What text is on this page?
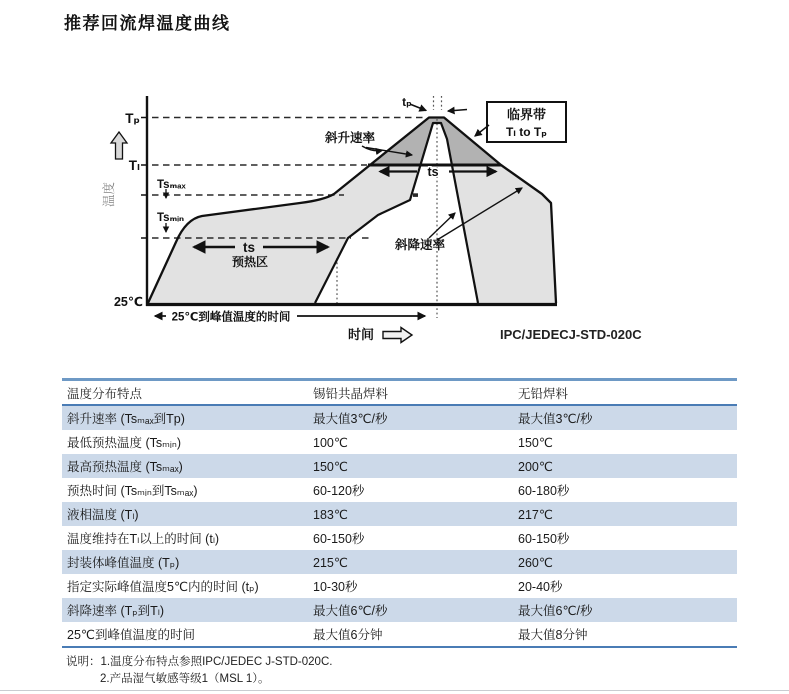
推荐回流焊温度曲线
Tₚ
Tₗ
Tsₘₐₓ
Tsₘᵢₙ
25℃
温度
斜升速率
斜降速率
临界带
Tₗ to Tₚ
tₚ
ts
ts
预热区
25℃到峰值温度的时间
时间	IPC/JEDECJ-STD-020C
温度分布特点	锡铅共晶焊料	无铅焊料
斜升速率 (Tsₘₐₓ到Tp)	最大值3℃/秒	最大值3℃/秒
最低预热温度 (Tsₘᵢₙ)	100℃	150℃
最高预热温度 (Tsₘₐₓ)	150℃	200℃
预热时间 (Tsₘᵢₙ到Tsₘₐₓ)	60-120秒	60-180秒
液相温度 (Tₗ)	183℃	217℃
温度维持在Tₗ以上的时间 (tₗ)	60-150秒	60-150秒
封装体峰值温度 (Tₚ)	215℃	260℃
指定实际峰值温度5℃内的时间 (tₚ)	10-30秒	20-40秒
斜降速率 (Tₚ到Tₗ)	最大值6℃/秒	最大值6℃/秒
25℃到峰值温度的时间	最大值6分钟	最大值8分钟
说明：1.温度分布特点参照IPC/JEDEC J-STD-020C.
2.产品湿气敏感等级1（MSL 1）。
